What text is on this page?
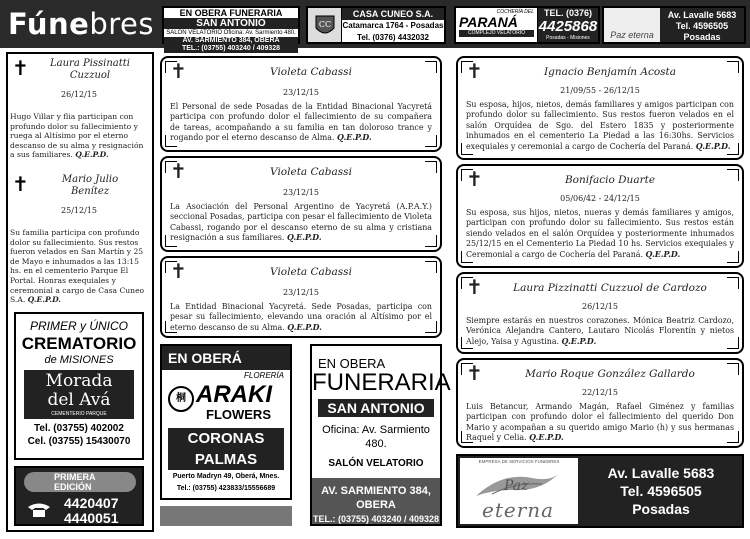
Fúnebres	EN OBERA FUNERARIA
SAN ANTONIO
SALON VELATORIO Oficina: Av. Sarmiento 480.
AV. SARMIENTO 384, OBERÁ
TEL.: (03755) 403240 / 409328
CC
CASA CUNEO S.A.
Catamarca 1764 - Posadas
Tel. (0376) 4432032
COCHERÍA DEL
PARANÁ
COMPLEJO VELATORIO
TEL. (0376)
4425868
Posadas - Misiones	Paz eterna
Av. Lavalle 5683
Tel. 4596505
Posadas
✝	Laura Pissinatti
Cuzzuol
26/12/15
Hugo Villar y flia participan con profundo dolor su fallecimiento y ruega al Altísimo por el eterno descanso de su alma y resignación a sus familiares. Q.E.P.D.
✝	Mario Julio
Benítez
25/12/15
Su familia participa con profundo dolor su fallecimiento. Sus restos fueron velados en San Martín y 25 de Mayo e inhumados a las 13:15 hs. en el cementerio Parque El Portal. Honras exequiales y ceremonial a cargo de Casa Cuneo S.A. Q.E.P.D.
PRIMER y ÚNICO
CREMATORIO
de MISIONES
Morada
del Avá
CEMENTERIO PARQUE
Tel. (03755) 402002
Cel. (03755) 15430070
PRIMERA
EDICIÓN
4420407
4440051
✝	Violeta Cabassi
23/12/15
El Personal de sede Posadas de la Entidad Binacional Yacyretá participa con profundo dolor el fallecimiento de su compañera de tareas, acompañando a su familia en tan doloroso trance y rogando por el eterno descanso de Alma. Q.E.P.D.
✝	Violeta Cabassi
23/12/15
La Asociación del Personal Argentino de Yacyretá (A.P.A.Y.) seccional Posadas, participa con pesar el fallecimiento de Violeta Cabassi, rogando por el descanso eterno de su alma y cristiana resignación a sus familiares. Q.E.P.D.
✝	Violeta Cabassi
23/12/15
La Entidad Binacional Yacyretá. Sede Posadas, participa con pesar su fallecimiento, elevando una oración al Altísimo por el eterno descanso de su Alma. Q.E.P.D.
EN OBERÁ
FLORERÍA
桐 ARAKI
FLOWERS
CORONAS
PALMAS
Puerto Madryn 49, Oberá, Mnes.
Tel.: (03755) 423833/15556689
EN OBERA
FUNERARIA
SAN ANTONIO
Oficina: Av. Sarmiento 480.
SALÓN VELATORIO
AV. SARMIENTO 384, OBERA
TEL.: (03755) 403240 / 409328
✝	Ignacio Benjamín Acosta
21/09/55 - 26/12/15
Su esposa, hijos, nietos, demás familiares y amigos participan con profundo dolor su fallecimiento. Sus restos fueron velados en el salón Orquídea de Sgo. del Estero 1835 y posteriormente inhumados en el cementerio La Piedad a las 16:30hs. Servicios exequiales y ceremonial a cargo de Cochería del Paraná. Q.E.P.D.
✝	Bonifacio Duarte
05/06/42 - 24/12/15
Su esposa, sus hijos, nietos, nueras y demás familiares y amigos, participan con profundo dolor su fallecimiento. Sus restos están siendo velados en el salón Orquídea y posteriormente inhumados 25/12/15 en el Cementerio La Piedad 10 hs. Servicios exequiales y Ceremonial a cargo de Cochería del Paraná. Q.E.P.D.
✝	Laura Pizzinatti Cuzzuol de Cardozo
26/12/15
Siempre estarás en nuestros corazones. Mónica Beatriz Cardozo, Verónica Alejandra Cantero, Lautaro Nicolás Florentín y nietos Alejo, Yaisa y Agustina. Q.E.P.D.
✝	Mario Roque González Gallardo
22/12/15
Luis Betancur, Armando Magán, Rafael Giménez y familias participan con profundo dolor el fallecimiento del querido Don Mario y acompañan a su querido amigo Mario (h) y sus hermanas Raquel y Celia. Q.E.P.D.
EMPRESA DE SERVICIOS FUNEBRES
Paz
eterna
Av. Lavalle 5683
Tel. 4596505
Posadas
